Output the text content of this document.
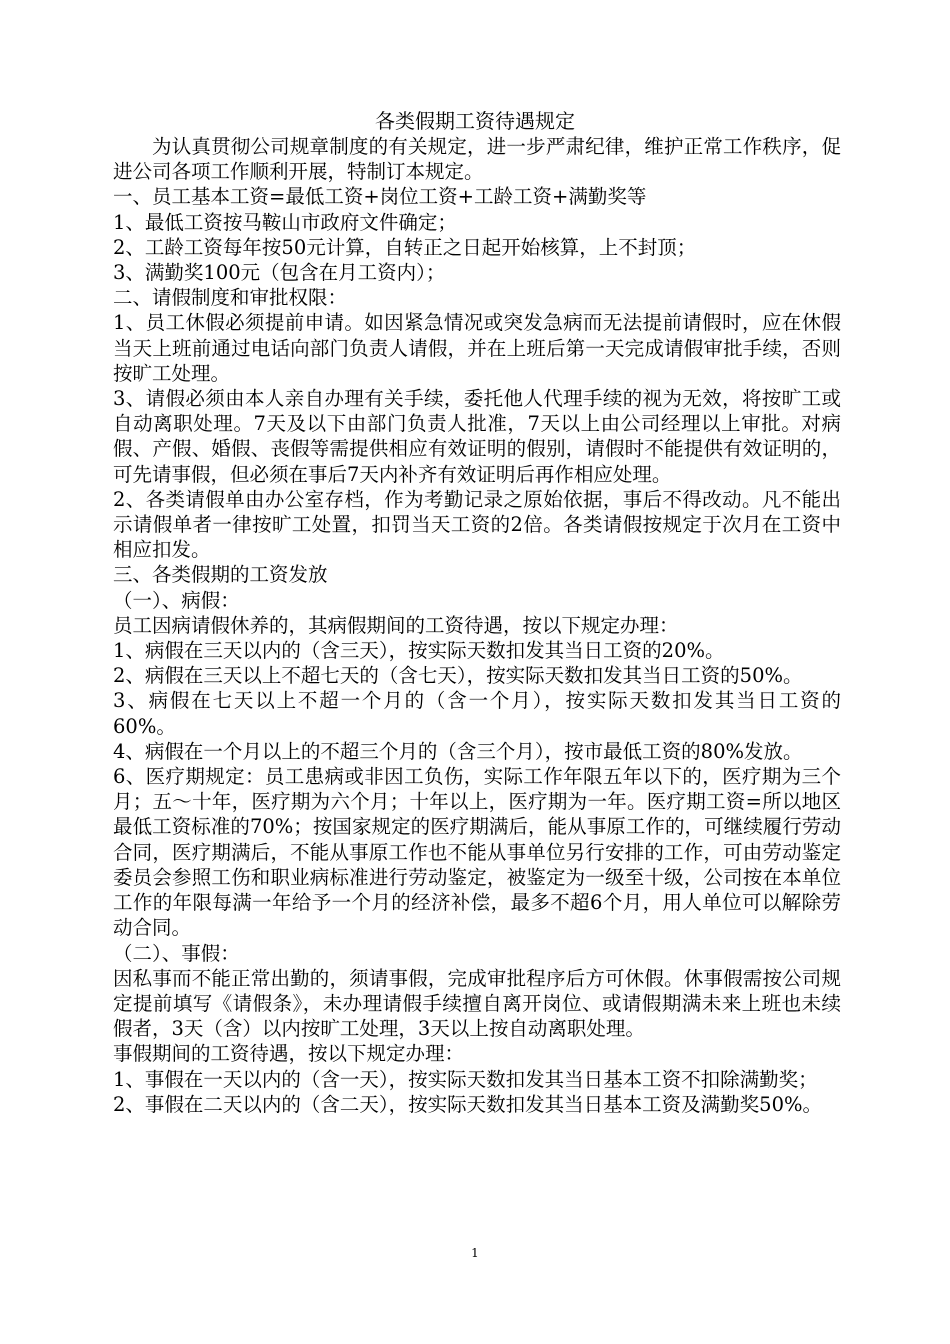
各类假期工资待遇规定

为认真贯彻公司规章制度的有关规定，进一步严肃纪律，维护正常工作秩序，促进公司各项工作顺利开展，特制订本规定。

一、员工基本工资=最低工资+岗位工资+工龄工资+满勤奖等

1、最低工资按马鞍山市政府文件确定；

2、工龄工资每年按50元计算，自转正之日起开始核算，上不封顶；

3、满勤奖100元（包含在月工资内）；

二、请假制度和审批权限：

1、员工休假必须提前申请。如因紧急情况或突发急病而无法提前请假时，应在休假当天上班前通过电话向部门负责人请假，并在上班后第一天完成请假审批手续，否则按旷工处理。

3、请假必须由本人亲自办理有关手续，委托他人代理手续的视为无效，将按旷工或自动离职处理。7天及以下由部门负责人批准，7天以上由公司经理以上审批。对病假、产假、婚假、丧假等需提供相应有效证明的假别，请假时不能提供有效证明的，可先请事假，但必须在事后7天内补齐有效证明后再作相应处理。

2、各类请假单由办公室存档，作为考勤记录之原始依据，事后不得改动。凡不能出示请假单者一律按旷工处置，扣罚当天工资的2倍。各类请假按规定于次月在工资中相应扣发。

三、各类假期的工资发放

（一）、病假：

员工因病请假休养的，其病假期间的工资待遇，按以下规定办理：

1、病假在三天以内的（含三天），按实际天数扣发其当日工资的20%。

2、病假在三天以上不超七天的（含七天），按实际天数扣发其当日工资的50%。

3、病假在七天以上不超一个月的（含一个月），按实际天数扣发其当日工资的60%。

4、病假在一个月以上的不超三个月的（含三个月），按市最低工资的80%发放。

6、医疗期规定：员工患病或非因工负伤，实际工作年限五年以下的，医疗期为三个月；五～十年，医疗期为六个月；十年以上，医疗期为一年。医疗期工资=所以地区最低工资标准的70%；按国家规定的医疗期满后，能从事原工作的，可继续履行劳动合同，医疗期满后，不能从事原工作也不能从事单位另行安排的工作，可由劳动鉴定委员会参照工伤和职业病标准进行劳动鉴定，被鉴定为一级至十级，公司按在本单位工作的年限每满一年给予一个月的经济补偿，最多不超6个月，用人单位可以解除劳动合同。

（二）、事假：

因私事而不能正常出勤的，须请事假，完成审批程序后方可休假。休事假需按公司规定提前填写《请假条》，未办理请假手续擅自离开岗位、或请假期满未来上班也未续假者，3天（含）以内按旷工处理，3天以上按自动离职处理。

事假期间的工资待遇，按以下规定办理：

1、事假在一天以内的（含一天），按实际天数扣发其当日基本工资不扣除满勤奖；

2、事假在二天以内的（含二天），按实际天数扣发其当日基本工资及满勤奖50%。

1
